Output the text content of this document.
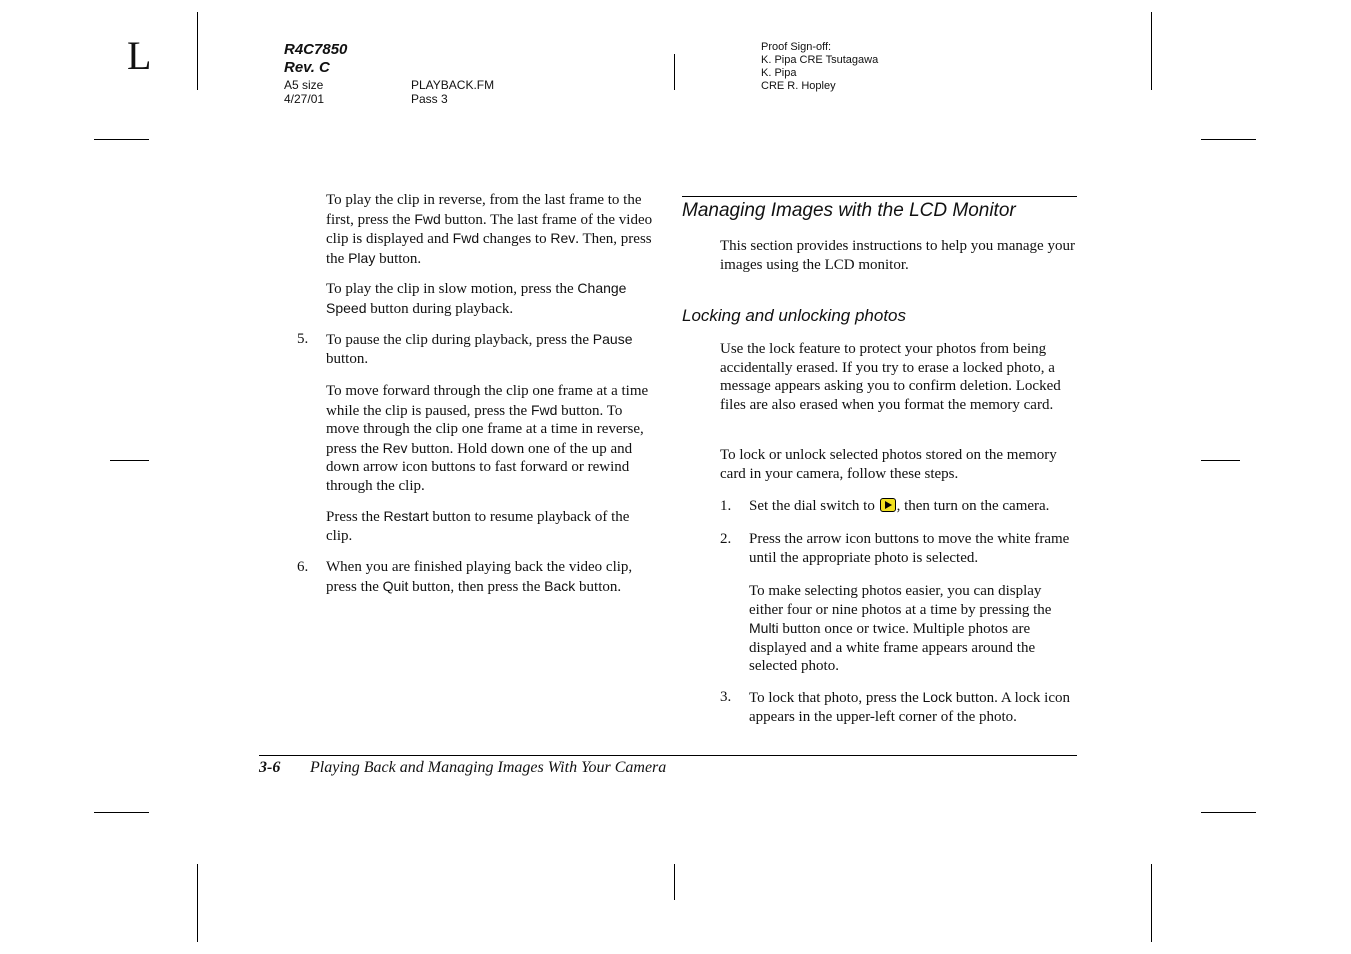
L	R4C7850
Rev. C
A5 size
4/27/01
PLAYBACK.FM
Pass 3
Proof Sign-off:
K. Pipa CRE Tsutagawa
K. Pipa
CRE R. Hopley
To play the clip in reverse, from the last frame to the first, press the Fwd button. The last frame of the video clip is displayed and Fwd changes to Rev. Then, press the Play button.
To play the clip in slow motion, press the Change Speed button during playback.
5. To pause the clip during playback, press the Pause button.
To move forward through the clip one frame at a time while the clip is paused, press the Fwd button. To move through the clip one frame at a time in reverse, press the Rev button. Hold down one of the up and down arrow icon buttons to fast forward or rewind through the clip.
Press the Restart button to resume playback of the clip.
6. When you are finished playing back the video clip, press the Quit button, then press the Back button.
Managing Images with the LCD Monitor
This section provides instructions to help you manage your images using the LCD monitor.
Locking and unlocking photos
Use the lock feature to protect your photos from being accidentally erased. If you try to erase a locked photo, a message appears asking you to confirm deletion. Locked files are also erased when you format the memory card.
To lock or unlock selected photos stored on the memory card in your camera, follow these steps.
1. Set the dial switch to , then turn on the camera.
2. Press the arrow icon buttons to move the white frame until the appropriate photo is selected.
To make selecting photos easier, you can display either four or nine photos at a time by pressing the Multi button once or twice. Multiple photos are displayed and a white frame appears around the selected photo.
3. To lock that photo, press the Lock button. A lock icon appears in the upper-left corner of the photo.
3-6 Playing Back and Managing Images With Your Camera
